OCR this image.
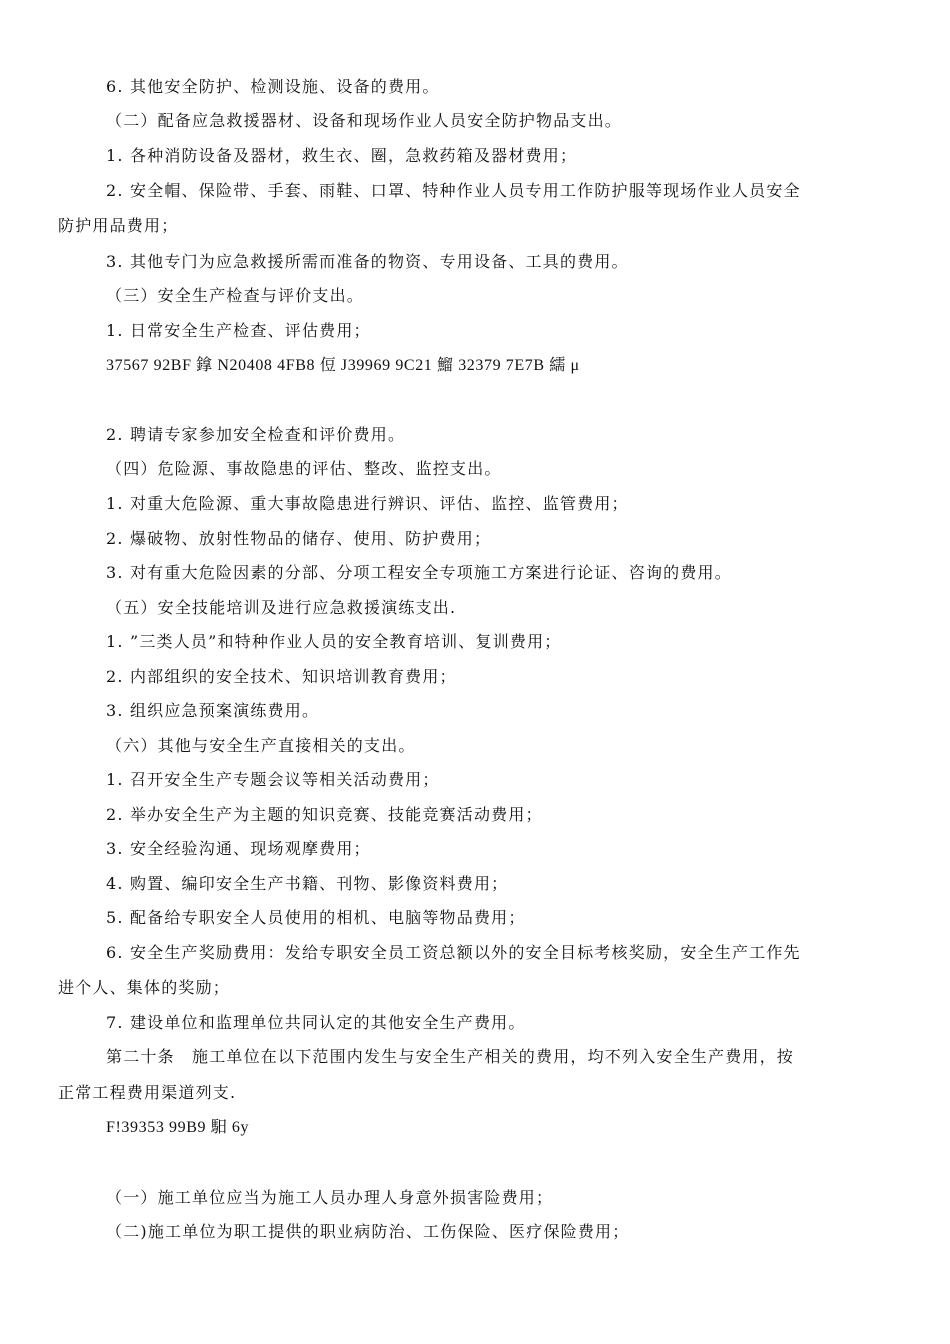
6. 其他安全防护、检测设施、设备的费用。
（二）配备应急救援器材、设备和现场作业人员安全防护物品支出。
1. 各种消防设备及器材，救生衣、圈，急救药箱及器材费用；
2. 安全帽、保险带、手套、雨鞋、口罩、特种作业人员专用工作防护服等现场作业人员安全
防护用品费用；
3. 其他专门为应急救援所需而准备的物资、专用设备、工具的费用。
（三）安全生产检查与评价支出。
1. 日常安全生产检查、评估费用；
37567 92BF 鎿 N20408 4FB8 侸 J39969 9C21 鰡 32379 7E7B 繻 μ
2. 聘请专家参加安全检查和评价费用。
（四）危险源、事故隐患的评估、整改、监控支出。
1. 对重大危险源、重大事故隐患进行辨识、评估、监控、监管费用；
2. 爆破物、放射性物品的储存、使用、防护费用；
3. 对有重大危险因素的分部、分项工程安全专项施工方案进行论证、咨询的费用。
（五）安全技能培训及进行应急救援演练支出.
1. ”三类人员”和特种作业人员的安全教育培训、复训费用；
2. 内部组织的安全技术、知识培训教育费用；
3. 组织应急预案演练费用。
（六）其他与安全生产直接相关的支出。
1. 召开安全生产专题会议等相关活动费用；
2. 举办安全生产为主题的知识竞赛、技能竞赛活动费用；
3. 安全经验沟通、现场观摩费用；
4. 购置、编印安全生产书籍、刊物、影像资料费用；
5. 配备给专职安全人员使用的相机、电脑等物品费用；
6. 安全生产奖励费用：发给专职安全员工资总额以外的安全目标考核奖励，安全生产工作先
进个人、集体的奖励；
7. 建设单位和监理单位共同认定的其他安全生产费用。
第二十条　施工单位在以下范围内发生与安全生产相关的费用，均不列入安全生产费用，按
正常工程费用渠道列支.
F!39353 99B9 馹 6y
（一）施工单位应当为施工人员办理人身意外损害险费用；
（二)施工单位为职工提供的职业病防治、工伤保险、医疗保险费用；
